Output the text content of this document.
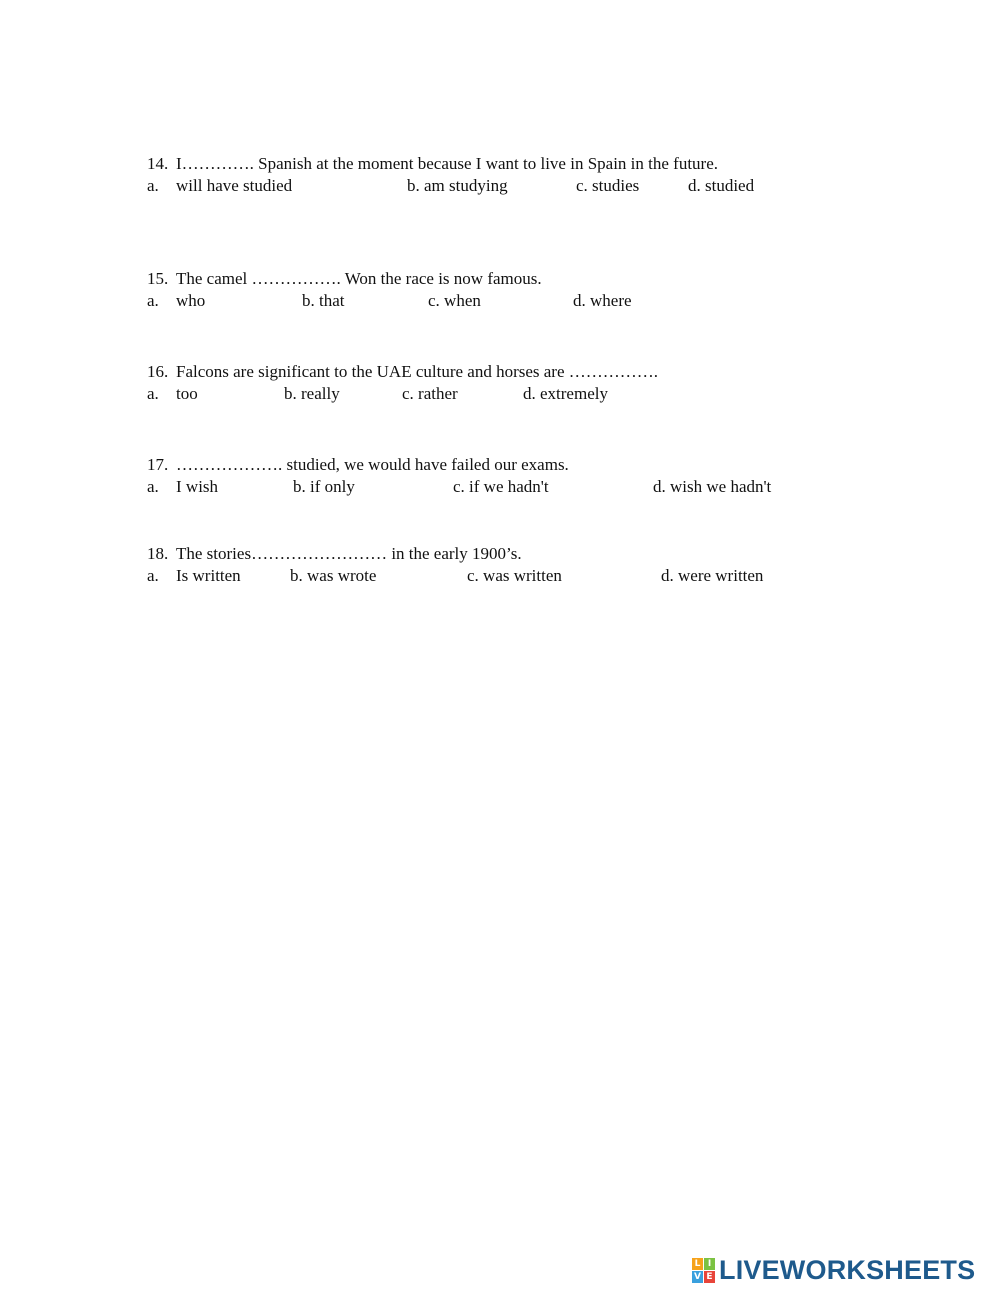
14. I…………. Spanish at the moment because I want to live in Spain in the future.
a. will have studied	b. am studying	c. studies	d. studied
15. The camel ……………. Won the race is now famous.
a. who	b. that	c. when	d. where
16. Falcons are significant to the UAE culture and horses are …………….
a. too	b. really	c. rather	d. extremely
17. ………………. studied, we would have failed our exams.
a. I wish	b. if only	c. if we hadn't	d. wish we hadn't
18. The stories…………………… in the early 1900’s.
a. Is written	b. was wrote	c. was written	d. were written
L I
V E LIVEWORKSHEETS
